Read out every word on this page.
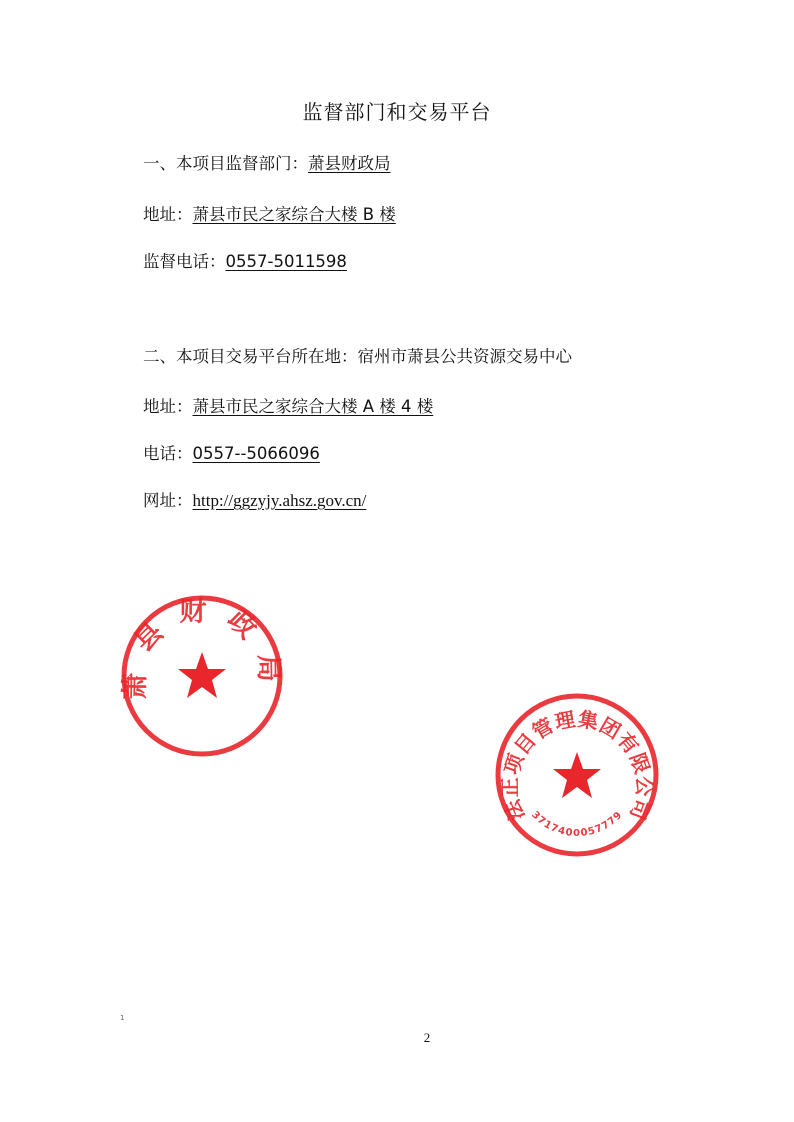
监督部门和交易平台
一、本项目监督部门：萧县财政局
地址：萧县市民之家综合大楼 B 楼
监督电话：0557-5011598
二、本项目交易平台所在地：宿州市萧县公共资源交易中心
地址：萧县市民之家综合大楼 A 楼 4 楼
电话：0557--5066096
网址：http://ggzyjy.ahsz.gov.cn/
萧县财政局
法正项目管理集团有限公司
3717400057779
1
2
